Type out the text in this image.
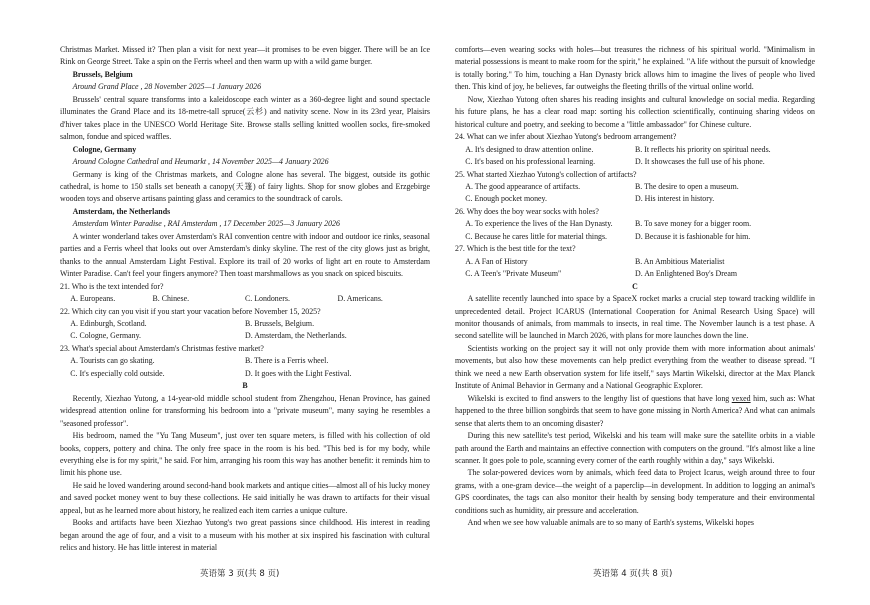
Christmas Market. Missed it? Then plan a visit for next year—it promises to be even bigger. There will be an Ice Rink on George Street. Take a spin on the Ferris wheel and then warm up with a wild game burger.

Brussels, Belgium

Around Grand Place , 28 November 2025—1 January 2026

Brussels' central square transforms into a kaleidoscope each winter as a 360-degree light and sound spectacle illuminates the Grand Place and its 18-metre-tall spruce(云杉) and nativity scene. Now in its 23rd year, Plaisirs d'hiver takes place in the UNESCO World Heritage Site. Browse stalls selling knitted woollen socks, fire-smoked salmon, fondue and spiced waffles.

Cologne, Germany

Around Cologne Cathedral and Heumarkt , 14 November 2025—4 January 2026

Germany is king of the Christmas markets, and Cologne alone has several. The biggest, outside its gothic cathedral, is home to 150 stalls set beneath a canopy(天篷) of fairy lights. Shop for snow globes and Erzgebirge wooden toys and observe artisans painting glass and ceramics to the soundtrack of carols.

Amsterdam, the Netherlands

Amsterdam Winter Paradise , RAI Amsterdam , 17 December 2025—3 January 2026

A winter wonderland takes over Amsterdam's RAI convention centre with indoor and outdoor ice rinks, seasonal parties and a Ferris wheel that looks out over Amsterdam's dinky skyline. The rest of the city glows just as bright, thanks to the annual Amsterdam Light Festival. Explore its trail of 20 works of light art en route to Amsterdam Winter Paradise. Can't feel your fingers anymore? Then toast marshmallows as you snack on spiced biscuits.

21. Who is the text intended for?

A. Europeans.	B. Chinese.	C. Londoners.	D. Americans.

22. Which city can you visit if you start your vacation before November 15, 2025?

A. Edinburgh, Scotland.	B. Brussels, Belgium.
C. Cologne, Germany.	D. Amsterdam, the Netherlands.

23. What's special about Amsterdam's Christmas festive market?

A. Tourists can go skating.	B. There is a Ferris wheel.
C. It's especially cold outside.	D. It goes with the Light Festival.

B

Recently, Xiezhao Yutong, a 14-year-old middle school student from Zhengzhou, Henan Province, has gained widespread attention online for transforming his bedroom into a "private museum", many saying he resembles a "seasoned professor".

His bedroom, named the "Yu Tang Museum", just over ten square meters, is filled with his collection of old books, coppers, pottery and china. The only free space in the room is his bed. "This bed is for my body, while everything else is for my spirit," he said. For him, arranging his room this way has another benefit: it reminds him to limit his phone use.

He said he loved wandering around second-hand book markets and antique cities—almost all of his lucky money and saved pocket money went to buy these collections. He said initially he was drawn to artifacts for their visual appeal, but as he learned more about history, he realized each item carries a unique culture.

Books and artifacts have been Xiezhao Yutong's two great passions since childhood. His interest in reading began around the age of four, and a visit to a museum with his mother at six inspired his fascination with cultural relics and history. He has little interest in material

comforts—even wearing socks with holes—but treasures the richness of his spiritual world. "Minimalism in material possessions is meant to make room for the spirit," he explained. "A life without the pursuit of knowledge is totally boring." To him, touching a Han Dynasty brick allows him to imagine the lives of people who lived then. This kind of joy, he believes, far outweighs the fleeting thrills of the virtual online world.

Now, Xiezhao Yutong often shares his reading insights and cultural knowledge on social media. Regarding his future plans, he has a clear road map: sorting his collection scientifically, continuing sharing videos on historical culture and poetry, and seeking to become a "little ambassador" for Chinese culture.

24. What can we infer about Xiezhao Yutong's bedroom arrangement?

A. It's designed to draw attention online.	B. It reflects his priority on spiritual needs.
C. It's based on his professional learning.	D. It showcases the full use of his phone.

25. What started Xiezhao Yutong's collection of artifacts?

A. The good appearance of artifacts.	B. The desire to open a museum.
C. Enough pocket money.	D. His interest in history.

26. Why does the boy wear socks with holes?

A. To experience the lives of the Han Dynasty.	B. To save money for a bigger room.
C. Because he cares little for material things.	D. Because it is fashionable for him.

27. Which is the best title for the text?

A. A Fan of History	B. An Ambitious Materialist
C. A Teen's "Private Museum"	D. An Enlightened Boy's Dream

C

A satellite recently launched into space by a SpaceX rocket marks a crucial step toward tracking wildlife in unprecedented detail. Project ICARUS (International Cooperation for Animal Research Using Space) will monitor thousands of animals, from mammals to insects, in real time. The November launch is a test phase. A second satellite will be launched in March 2026, with plans for more launches down the line.

Scientists working on the project say it will not only provide them with more information about animals' movements, but also how these movements can help predict everything from the weather to disease spread. "I think we need a new Earth observation system for life itself," says Martin Wikelski, director at the Max Planck Institute of Animal Behavior in Germany and a National Geographic Explorer.

Wikelski is excited to find answers to the lengthy list of questions that have long vexed him, such as: What happened to the three billion songbirds that seem to have gone missing in North America? And what can animals sense that alerts them to an oncoming disaster?

During this new satellite's test period, Wikelski and his team will make sure the satellite orbits in a viable path around the Earth and maintains an effective connection with computers on the ground. "It's almost like a line scanner. It goes pole to pole, scanning every corner of the earth roughly within a day," says Wikelski.

The solar-powered devices worn by animals, which feed data to Project Icarus, weigh around three to four grams, with a one-gram device—the weight of a paperclip—in development. In addition to logging an animal's GPS coordinates, the tags can also monitor their health by sensing body temperature and their environmental conditions such as humidity, air pressure and acceleration.

And when we see how valuable animals are to so many of Earth's systems, Wikelski hopes

英语第 3 页(共 8 页)	英语第 4 页(共 8 页)
